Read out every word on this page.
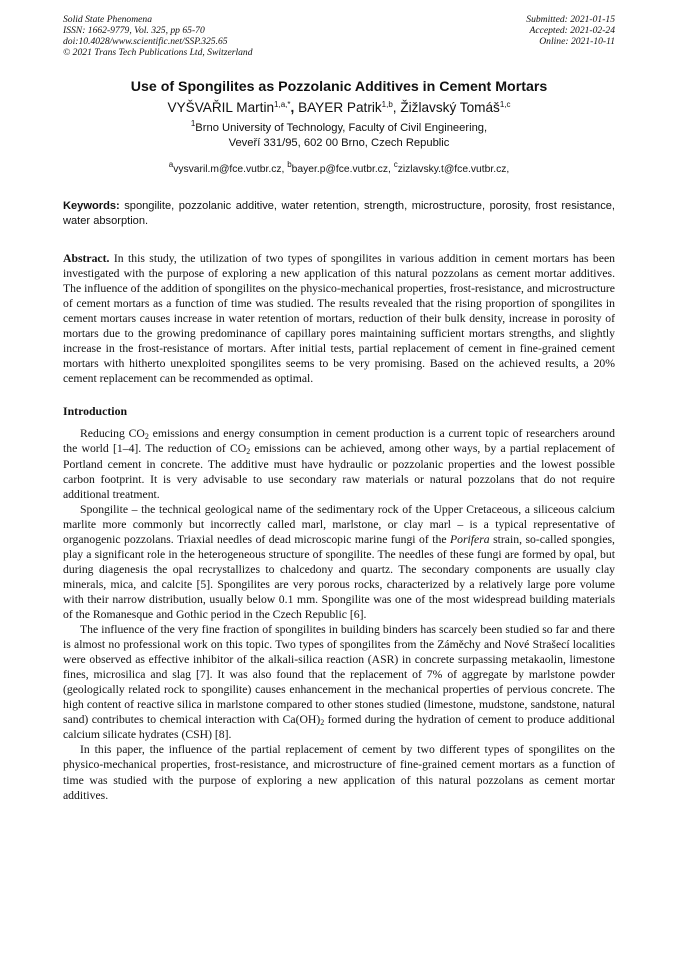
Solid State Phenomena
ISSN: 1662-9779, Vol. 325, pp 65-70
doi:10.4028/www.scientific.net/SSP.325.65
© 2021 Trans Tech Publications Ltd, Switzerland
Submitted: 2021-01-15
Accepted: 2021-02-24
Online: 2021-10-11
Use of Spongilites as Pozzolanic Additives in Cement Mortars
VYŠVAŘIL Martin$^{1,a,*}$, BAYER Patrik$^{1,b}$, Žižlavský Tomáš$^{1,c}$
$^1$Brno University of Technology, Faculty of Civil Engineering,
Veveří 331/95, 602 00 Brno, Czech Republic
$^a$vysvaril.m@fce.vutbr.cz, $^b$bayer.p@fce.vutbr.cz, $^c$zizlavsky.t@fce.vutbr.cz,
Keywords: spongilite, pozzolanic additive, water retention, strength, microstructure, porosity, frost resistance, water absorption.
Abstract. In this study, the utilization of two types of spongilites in various addition in cement mortars has been investigated with the purpose of exploring a new application of this natural pozzolans as cement mortar additives. The influence of the addition of spongilites on the physico-mechanical properties, frost-resistance, and microstructure of cement mortars as a function of time was studied. The results revealed that the rising proportion of spongilites in cement mortars causes increase in water retention of mortars, reduction of their bulk density, increase in porosity of mortars due to the growing predominance of capillary pores maintaining sufficient mortars strengths, and slightly increase in the frost-resistance of mortars. After initial tests, partial replacement of cement in fine-grained cement mortars with hitherto unexploited spongilites seems to be very promising. Based on the achieved results, a 20% cement replacement can be recommended as optimal.
Introduction

Reducing $CO_2$ emissions and energy consumption in cement production is a current topic of researchers around the world [1–4]. The reduction of $CO_2$ emissions can be achieved, among other ways, by a partial replacement of Portland cement in concrete. The additive must have hydraulic or pozzolanic properties and the lowest possible carbon footprint. It is very advisable to use secondary raw materials or natural pozzolans that do not require additional treatment.

Spongilite – the technical geological name of the sedimentary rock of the Upper Cretaceous, a siliceous calcium marlite more commonly but incorrectly called marl, marlstone, or clay marl – is a typical representative of organogenic pozzolans. Triaxial needles of dead microscopic marine fungi of the Porifera strain, so-called spongies, play a significant role in the heterogeneous structure of spongilite. The needles of these fungi are formed by opal, but during diagenesis the opal recrystallizes to chalcedony and quartz. The secondary components are usually clay minerals, mica, and calcite [5]. Spongilites are very porous rocks, characterized by a relatively large pore volume with their narrow distribution, usually below 0.1 mm. Spongilite was one of the most widespread building materials of the Romanesque and Gothic period in the Czech Republic [6].

The influence of the very fine fraction of spongilites in building binders has scarcely been studied so far and there is almost no professional work on this topic. Two types of spongilites from the Záměchy and Nové Strašecí localities were observed as effective inhibitor of the alkali-silica reaction (ASR) in concrete surpassing metakaolin, limestone fines, microsilica and slag [7]. It was also found that the replacement of 7% of aggregate by marlstone powder (geologically related rock to spongilite) causes enhancement in the mechanical properties of pervious concrete. The high content of reactive silica in marlstone compared to other stones studied (limestone, mudstone, sandstone, natural sand) contributes to chemical interaction with $Ca(OH)_2$ formed during the hydration of cement to produce additional calcium silicate hydrates (CSH) [8].

In this paper, the influence of the partial replacement of cement by two different types of spongilites on the physico-mechanical properties, frost-resistance, and microstructure of fine-grained cement mortars as a function of time was studied with the purpose of exploring a new application of this natural pozzolans as cement mortar additives.
